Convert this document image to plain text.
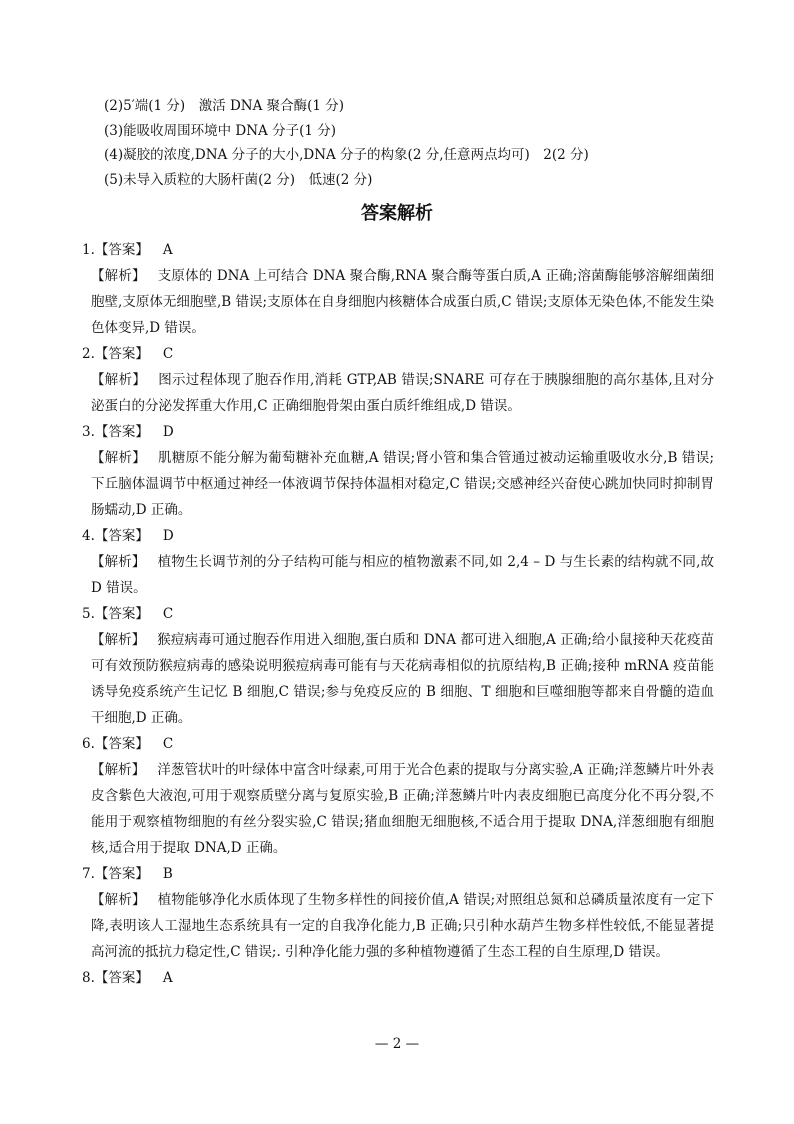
(2)5′端(1 分)　激活 DNA 聚合酶(1 分)
(3)能吸收周围环境中 DNA 分子(1 分)
(4)凝胶的浓度,DNA 分子的大小,DNA 分子的构象(2 分,任意两点均可)　2(2 分)
(5)未导入质粒的大肠杆菌(2 分)　低速(2 分)
答案解析
1.【答案】 A
【解析】 支原体的 DNA 上可结合 DNA 聚合酶,RNA 聚合酶等蛋白质,A 正确;溶菌酶能够溶解细菌细胞壁,支原体无细胞壁,B 错误;支原体在自身细胞内核糖体合成蛋白质,C 错误;支原体无染色体,不能发生染色体变异,D 错误。
2.【答案】 C
【解析】 图示过程体现了胞吞作用,消耗 GTP,AB 错误;SNARE 可存在于胰腺细胞的高尔基体,且对分泌蛋白的分泌发挥重大作用,C 正确细胞骨架由蛋白质纤维组成,D 错误。
3.【答案】 D
【解析】 肌糖原不能分解为葡萄糖补充血糖,A 错误;肾小管和集合管通过被动运输重吸收水分,B 错误;下丘脑体温调节中枢通过神经一体液调节保持体温相对稳定,C 错误;交感神经兴奋使心跳加快同时抑制胃肠蠕动,D 正确。
4.【答案】 D
【解析】 植物生长调节剂的分子结构可能与相应的植物激素不同,如 2,4 – D 与生长素的结构就不同,故 D 错误。
5.【答案】 C
【解析】 猴痘病毒可通过胞吞作用进入细胞,蛋白质和 DNA 都可进入细胞,A 正确;给小鼠接种天花疫苗可有效预防猴痘病毒的感染说明猴痘病毒可能有与天花病毒相似的抗原结构,B 正确;接种 mRNA 疫苗能诱导免疫系统产生记忆 B 细胞,C 错误;参与免疫反应的 B 细胞、T 细胞和巨噬细胞等都来自骨髓的造血干细胞,D 正确。
6.【答案】 C
【解析】 洋葱管状叶的叶绿体中富含叶绿素,可用于光合色素的提取与分离实验,A 正确;洋葱鳞片叶外表皮含紫色大液泡,可用于观察质壁分离与复原实验,B 正确;洋葱鳞片叶内表皮细胞已高度分化不再分裂,不能用于观察植物细胞的有丝分裂实验,C 错误;猪血细胞无细胞核,不适合用于提取 DNA,洋葱细胞有细胞核,适合用于提取 DNA,D 正确。
7.【答案】 B
【解析】 植物能够净化水质体现了生物多样性的间接价值,A 错误;对照组总氮和总磷质量浓度有一定下降,表明该人工湿地生态系统具有一定的自我净化能力,B 正确;只引种水葫芦生物多样性较低,不能显著提高河流的抵抗力稳定性,C 错误;. 引种净化能力强的多种植物遵循了生态工程的自生原理,D 错误。
8.【答案】 A
— 2 —
